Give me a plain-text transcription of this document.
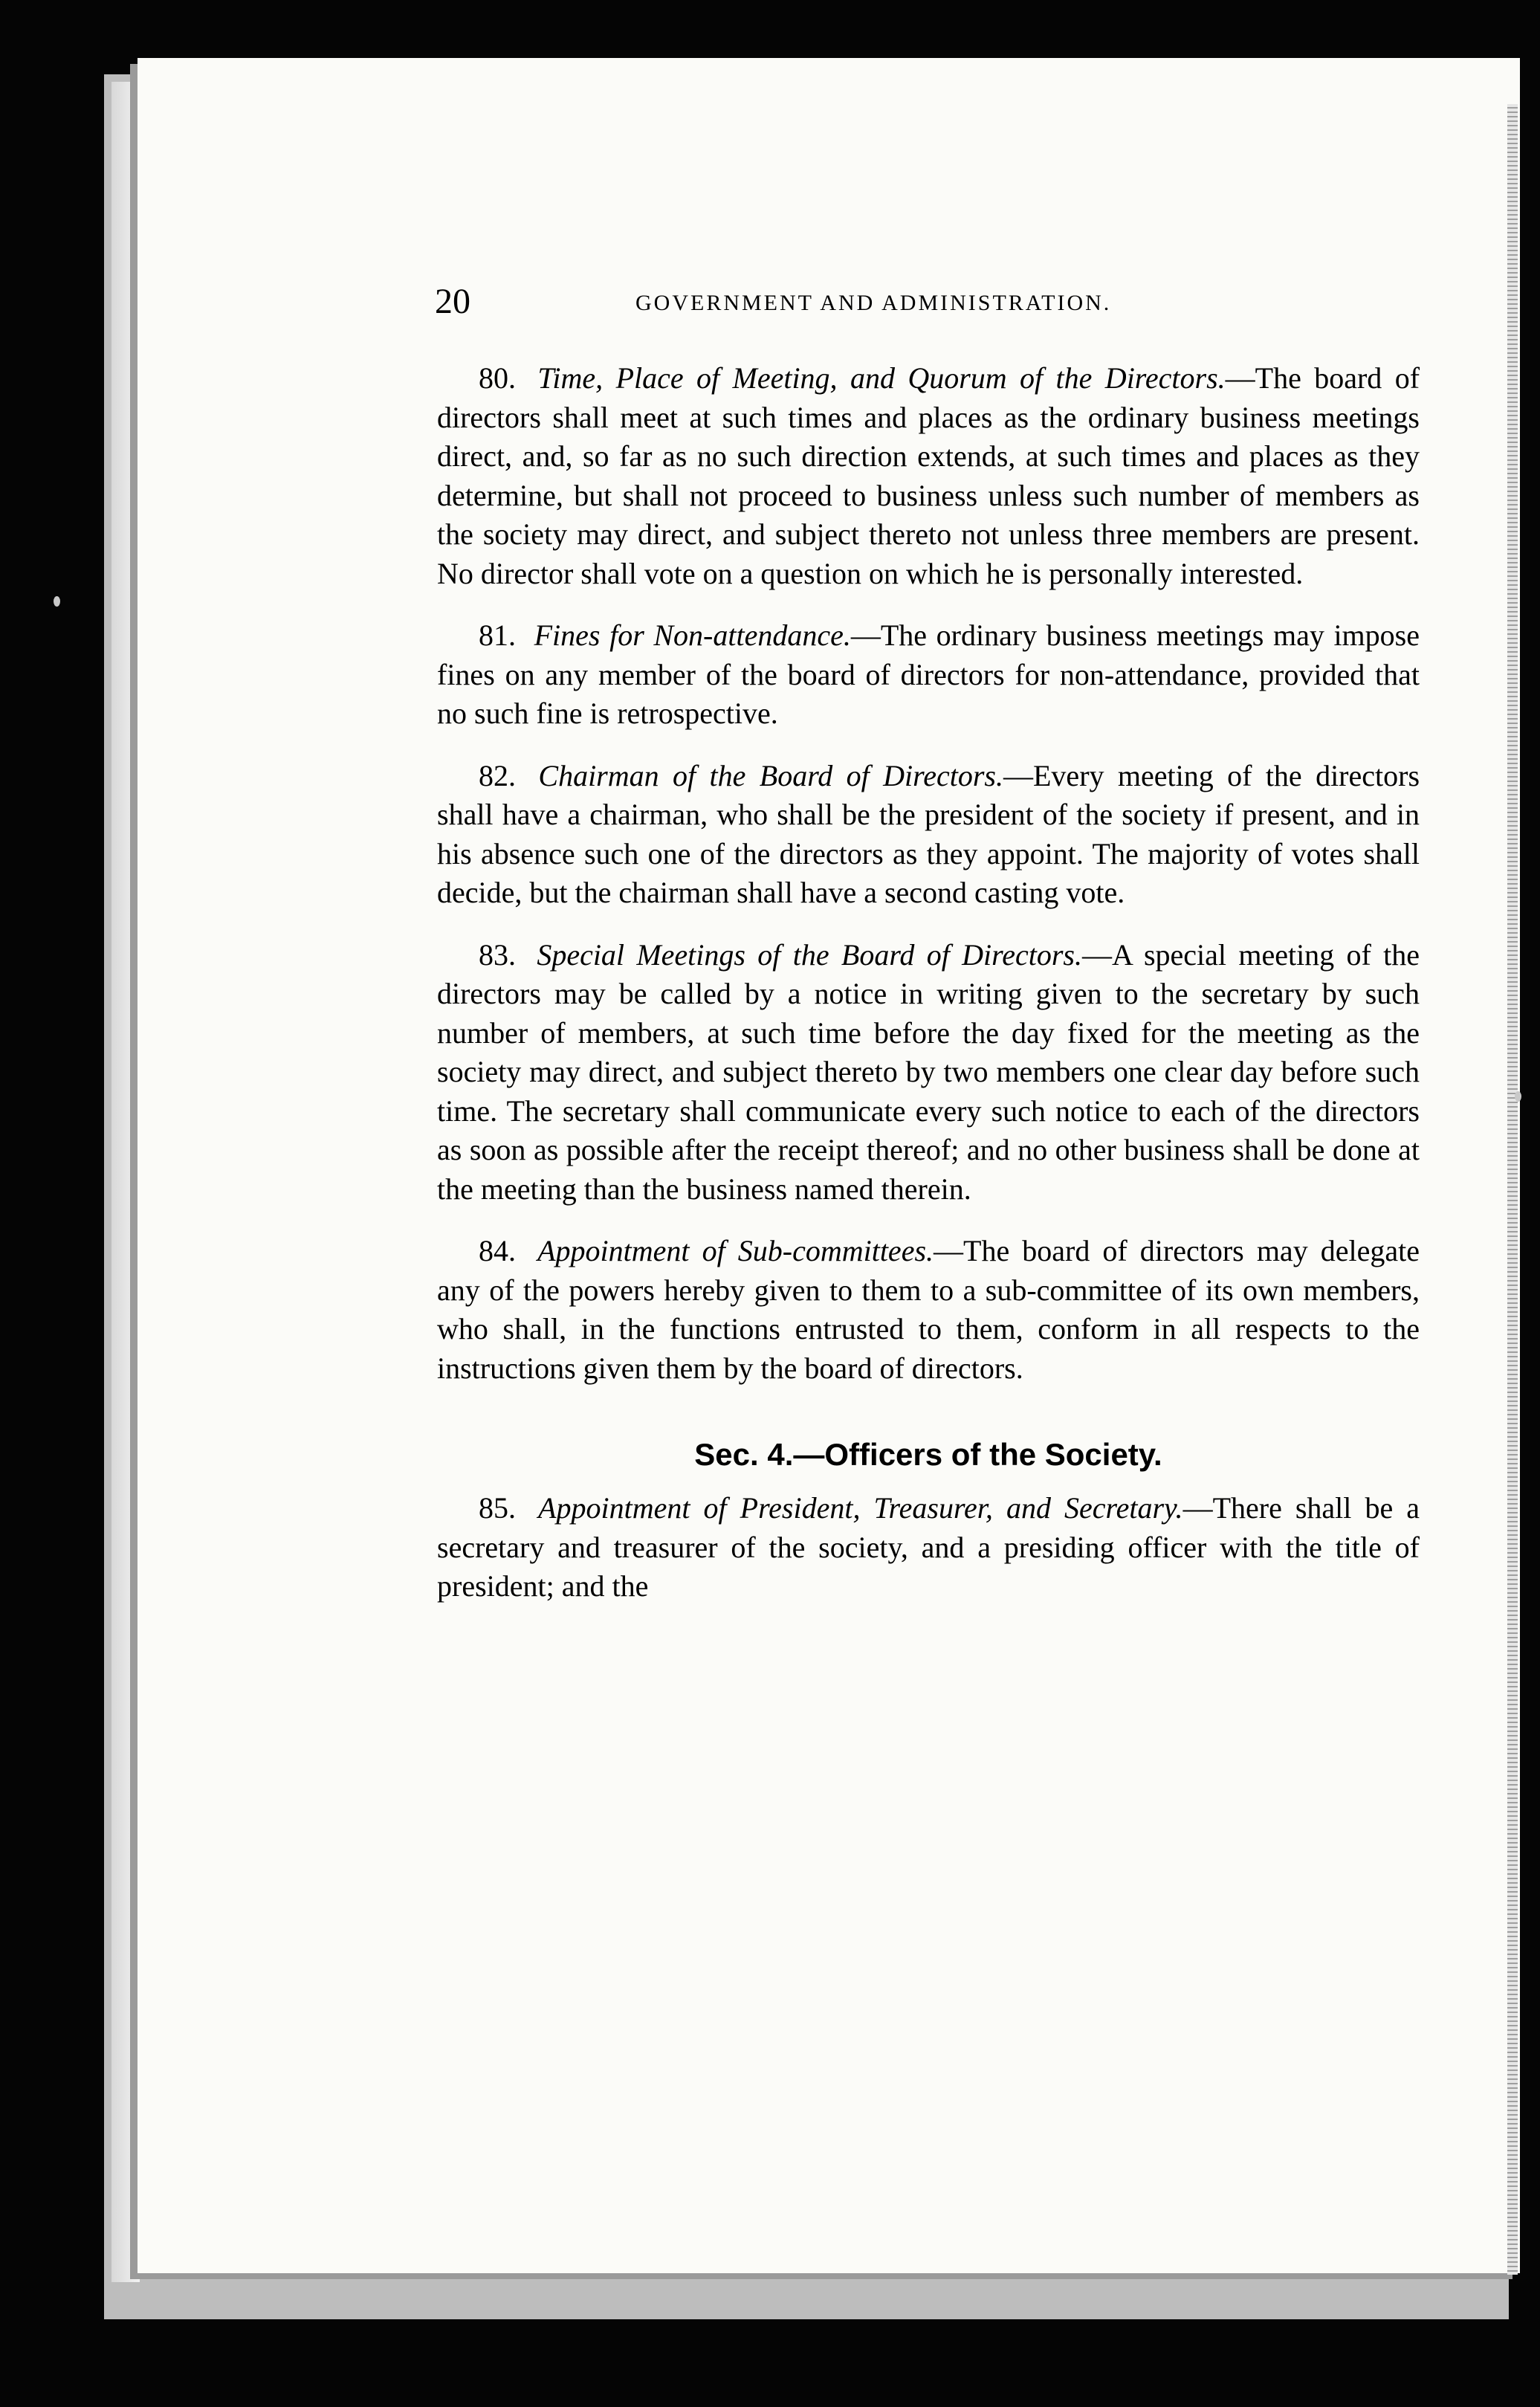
20	GOVERNMENT AND ADMINISTRATION.

80. Time, Place of Meeting, and Quorum of the Directors.—The board of directors shall meet at such times and places as the ordinary business meetings direct, and, so far as no such direction extends, at such times and places as they determine, but shall not proceed to business unless such number of members as the society may direct, and subject thereto not unless three members are present. No director shall vote on a question on which he is personally interested.

81. Fines for Non-attendance.—The ordinary business meetings may impose fines on any member of the board of directors for non-attendance, provided that no such fine is retrospective.

82. Chairman of the Board of Directors.—Every meeting of the directors shall have a chairman, who shall be the president of the society if present, and in his absence such one of the directors as they appoint. The majority of votes shall decide, but the chairman shall have a second casting vote.

83. Special Meetings of the Board of Directors.—A special meeting of the directors may be called by a notice in writing given to the secretary by such number of members, at such time before the day fixed for the meeting as the society may direct, and subject thereto by two members one clear day before such time. The secretary shall communicate every such notice to each of the directors as soon as possible after the receipt thereof; and no other business shall be done at the meeting than the business named therein.

84. Appointment of Sub-committees.—The board of directors may delegate any of the powers hereby given to them to a sub-committee of its own members, who shall, in the functions entrusted to them, conform in all respects to the instructions given them by the board of directors.

Sec. 4.—Officers of the Society.

85. Appointment of President, Treasurer, and Secretary.—There shall be a secretary and treasurer of the society, and a presiding officer with the title of president; and the
